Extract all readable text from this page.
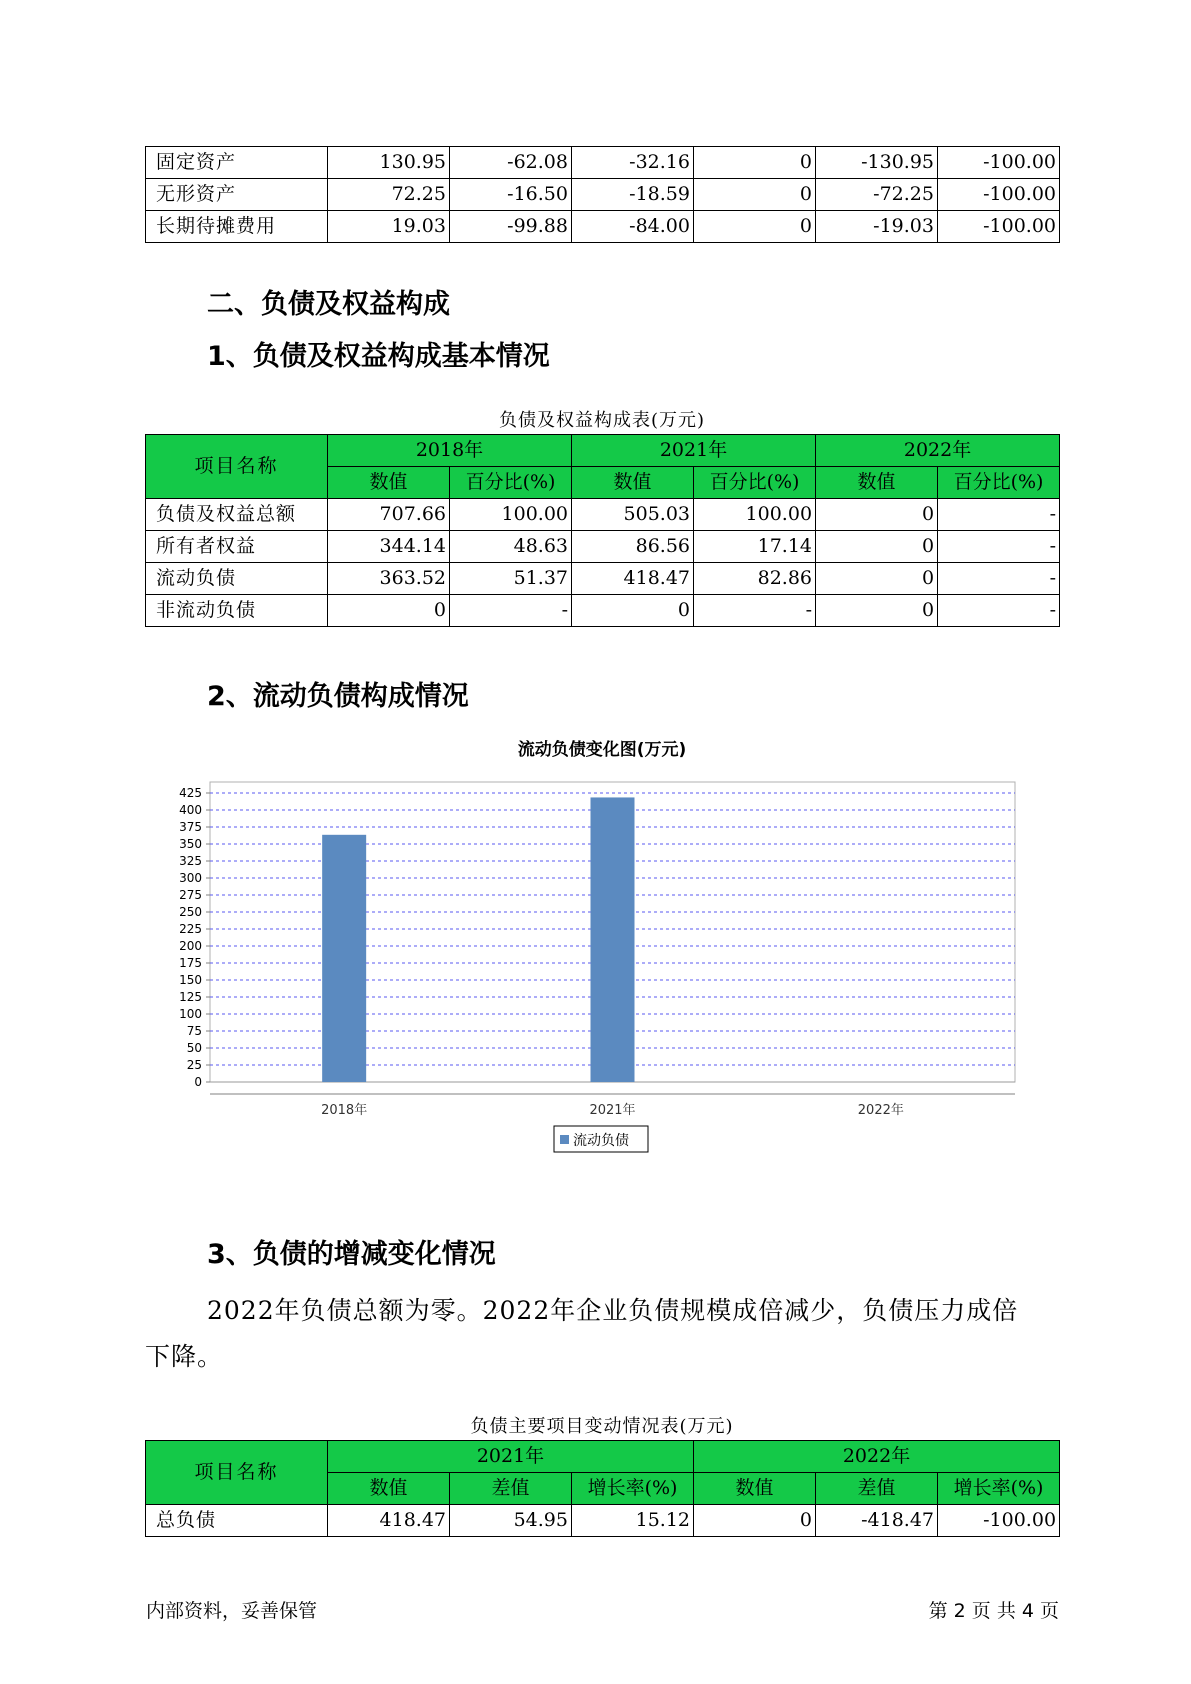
固定资产	130.95	-62.08	-32.16	0	-130.95	-100.00
无形资产	72.25	-16.50	-18.59	0	-72.25	-100.00
长期待摊费用	19.03	-99.88	-84.00	0	-19.03	-100.00
二、负债及权益构成
1、负债及权益构成基本情况
负债及权益构成表(万元)
项目名称	2018年		2021年		2022年	
	数值	百分比(%)	数值	百分比(%)	数值	百分比(%)
负债及权益总额	707.66	100.00	505.03	100.00	0	-
所有者权益	344.14	48.63	86.56	17.14	0	-
流动负债	363.52	51.37	418.47	82.86	0	-
非流动负债	0	-	0	-	0	-
2、流动负债构成情况
流动负债变化图(万元)
0
25
50
75
100
125
150
175
200
225
250
275
300
325
350
375
400
425
2018年	2021年	2022年
流动负债
3、负债的增减变化情况
2022年负债总额为零。2022年企业负债规模成倍减少，负债压力成倍
下降。
负债主要项目变动情况表(万元)
项目名称	2021年			2022年		
	数值	差值	增长率(%)	数值	差值	增长率(%)
总负债	418.47	54.95	15.12	0	-418.47	-100.00
内部资料，妥善保管	第 2 页 共 4 页
